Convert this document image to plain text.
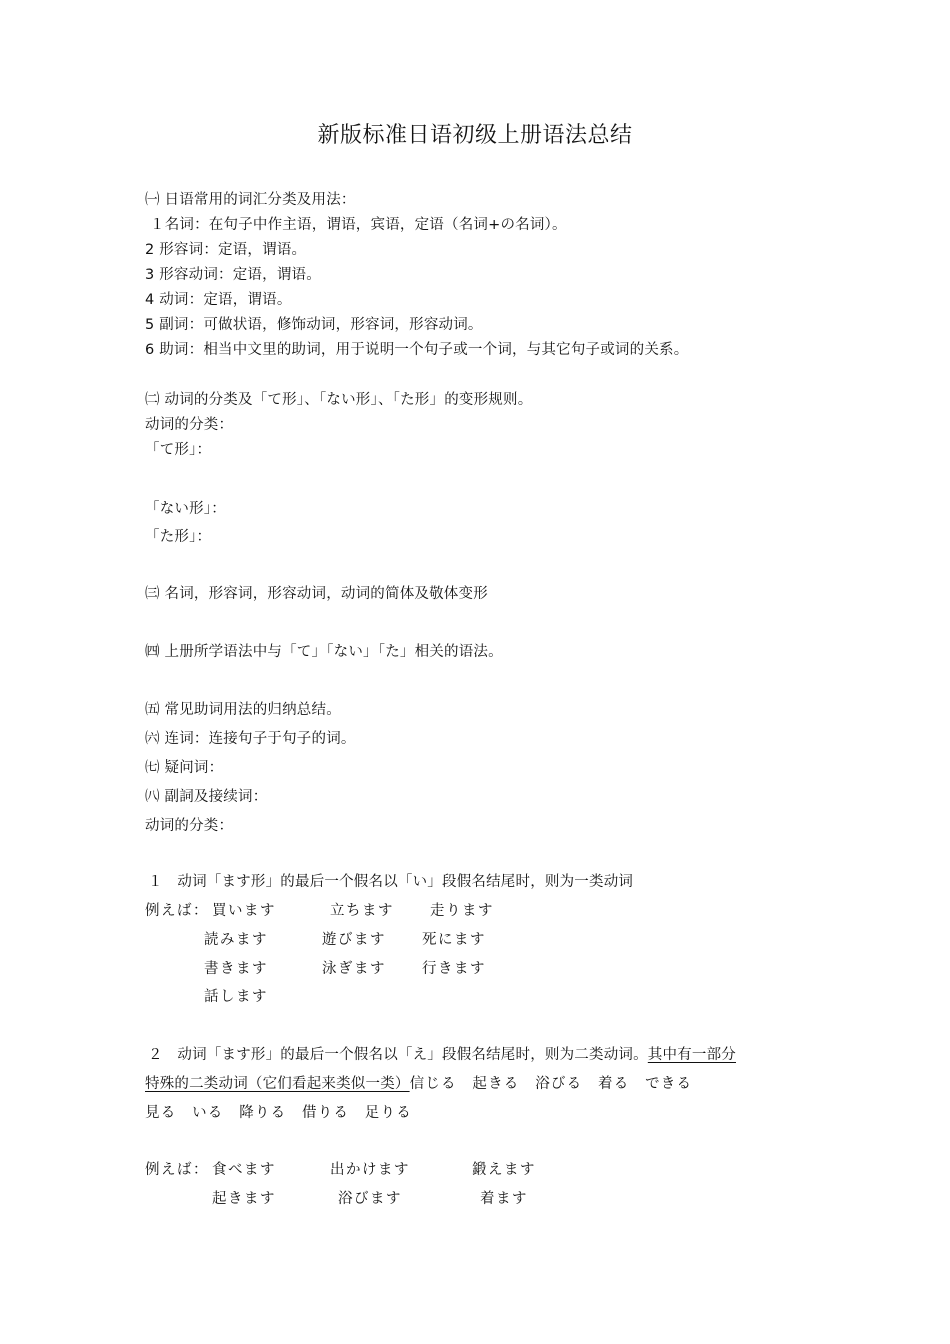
新版标准日语初级上册语法总结
㈠ 日语常用的词汇分类及用法：
１名词：在句子中作主语，谓语，宾语，定语（名词+の名词）。
2 形容词：定语，谓语。
3 形容动词：定语，谓语。
4 动词：定语，谓语。
5 副词：可做状语，修饰动词，形容词，形容动词。
6 助词：相当中文里的助词，用于说明一个句子或一个词，与其它句子或词的关系。
㈡ 动词的分类及「て形」、「ない形」、「た形」的变形规则。
动词的分类：
「て形」：
「ない形」：
「た形」：
㈢ 名词，形容词，形容动词，动词的简体及敬体变形
㈣ 上册所学语法中与「て」「ない」「た」相关的语法。
㈤ 常见助词用法的归纳总结。
㈥ 连词：连接句子于句子的词。
㈦ 疑问词：
㈧ 副詞及接续词：
动词的分类：
１　动词「ます形」的最后一个假名以「い」段假名结尾时，则为一类动词
例えば： 買います	立ちます 走ります
読みます	遊びます 死にます
書きます	泳ぎます 行きます
話します
２　动词「ます形」的最后一个假名以「え」段假名结尾时，则为二类动词。其中有一部分
特殊的二类动词（它们看起来类似一类）信じる　起きる　浴びる　着る　できる
見る　いる　降りる　借りる　足りる
例えば： 食べます	出かけます	鍛えます
起きます	浴びます	着ます
